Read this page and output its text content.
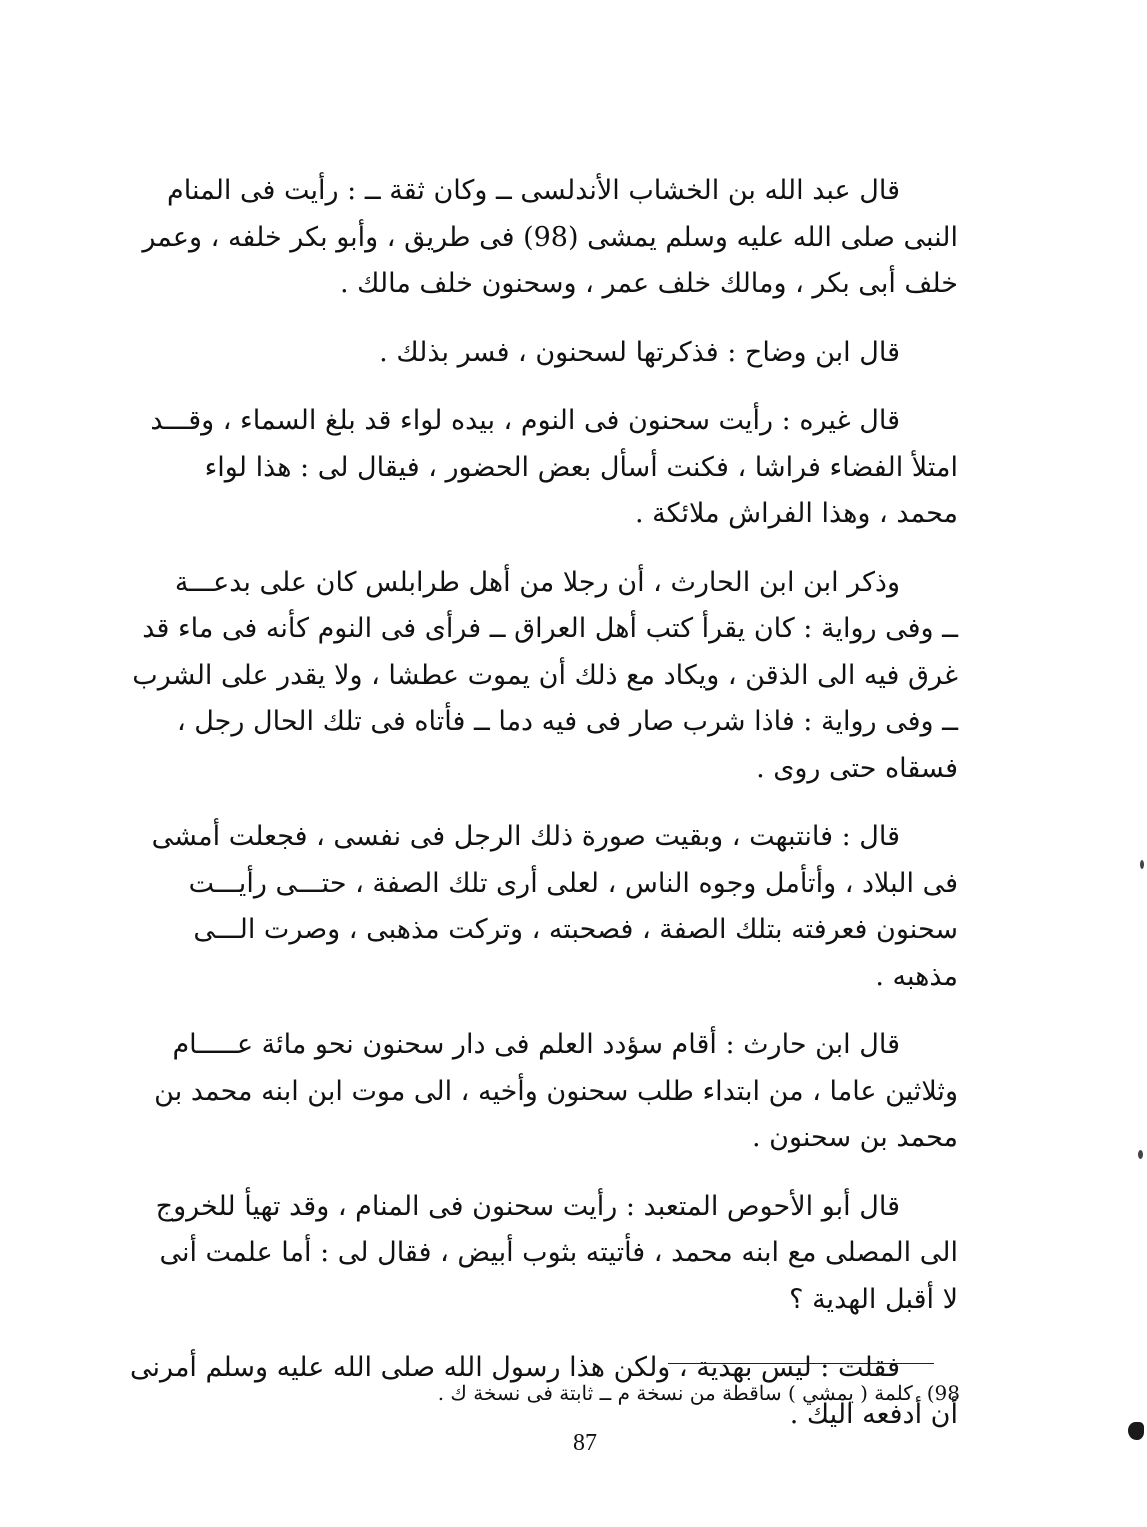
قال عبد الله بن الخشاب الأندلسى ــ وكان ثقة ــ : رأيت فى المنام
النبى صلى الله عليه وسلم يمشى (98) فى طريق ، وأبو بكر خلفه ، وعمر
خلف أبى بكر ، ومالك خلف عمر ، وسحنون خلف مالك .

قال ابن وضاح : فذكرتها لسحنون ، فسر بذلك .

قال غيره : رأيت سحنون فى النوم ، بيده لواء قد بلغ السماء ، وقـــد
امتلأ الفضاء فراشا ، فكنت أسأل بعض الحضور ، فيقال لى : هذا لواء
محمد ، وهذا الفراش ملائكة .

وذكر ابن ابن الحارث ، أن رجلا من أهل طرابلس كان على بدعـــة
ــ وفى رواية : كان يقرأ كتب أهل العراق ــ فرأى فى النوم كأنه فى ماء قد
غرق فيه الى الذقن ، ويكاد مع ذلك أن يموت عطشا ، ولا يقدر على الشرب
ــ وفى رواية : فاذا شرب صار فى فيه دما ــ فأتاه فى تلك الحال رجل ،
فسقاه حتى روى .

قال : فانتبهت ، وبقيت صورة ذلك الرجل فى نفسى ، فجعلت أمشى
فى البلاد ، وأتأمل وجوه الناس ، لعلى أرى تلك الصفة ، حتـــى رأيـــت
سحنون فعرفته بتلك الصفة ، فصحبته ، وتركت مذهبى ، وصرت الـــى
مذهبه .

قال ابن حارث : أقام سؤدد العلم فى دار سحنون نحو مائة عـــــام
وثلاثين عاما ، من ابتداء طلب سحنون وأخيه ، الى موت ابن ابنه محمد بن
محمد بن سحنون .

قال أبو الأحوص المتعبد : رأيت سحنون فى المنام ، وقد تهيأ للخروج
الى المصلى مع ابنه محمد ، فأتيته بثوب أبيض ، فقال لى : أما علمت أنى
لا أقبل الهدية ؟

فقلت : ليس بهدية ، ولكن هذا رسول الله صلى الله عليه وسلم أمرنى
أن أدفعه اليك .

98)كلمة ( يمشي ) ساقطة من نسخة م ــ ثابتة فى نسخة ك .
87
